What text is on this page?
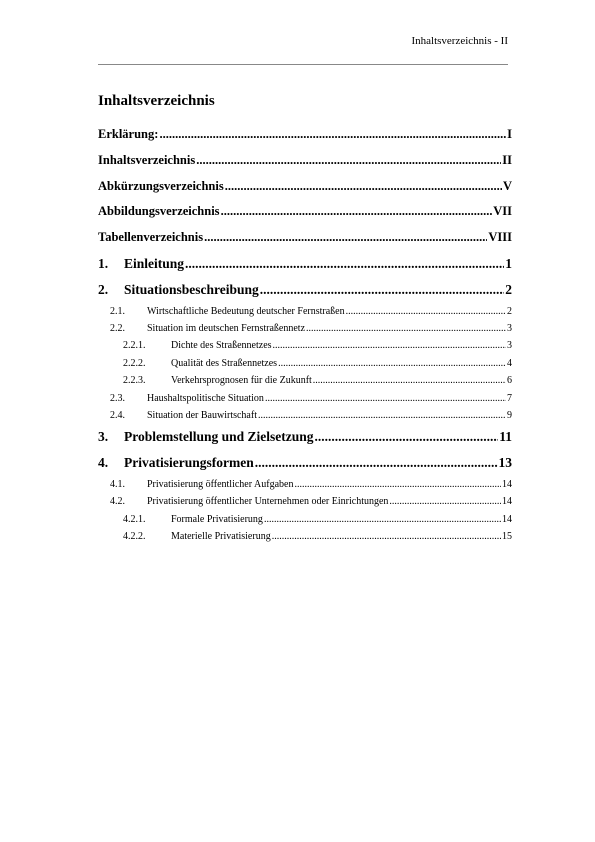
Inhaltsverzeichnis - II
Inhaltsverzeichnis
Erklärung: .....	I
Inhaltsverzeichnis .....	II
Abkürzungsverzeichnis .....	V
Abbildungsverzeichnis .....	VII
Tabellenverzeichnis .....	VIII
1.	Einleitung .....	1
2.	Situationsbeschreibung .....	2
2.1.	Wirtschaftliche Bedeutung deutscher Fernstraßen .....	2
2.2.	Situation im deutschen Fernstraßennetz .....	3
2.2.1.	Dichte des Straßennetzes .....	3
2.2.2.	Qualität des Straßennetzes .....	4
2.2.3.	Verkehrsprognosen für die Zukunft .....	6
2.3.	Haushaltspolitische Situation .....	7
2.4.	Situation der Bauwirtschaft .....	9
3.	Problemstellung und Zielsetzung .....	11
4.	Privatisierungsformen .....	13
4.1.	Privatisierung öffentlicher Aufgaben .....	14
4.2.	Privatisierung öffentlicher Unternehmen oder Einrichtungen .....	14
4.2.1.	Formale Privatisierung .....	14
4.2.2.	Materielle Privatisierung .....	15
